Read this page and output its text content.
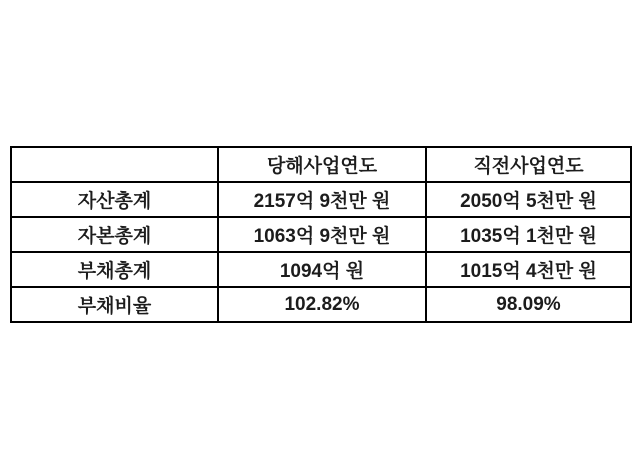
	당해사업연도	직전사업연도
자산총계	2157억 9천만 원	2050억 5천만 원
자본총계	1063억 9천만 원	1035억 1천만 원
부채총계	1094억 원	1015억 4천만 원
부채비율	102.82%	98.09%
